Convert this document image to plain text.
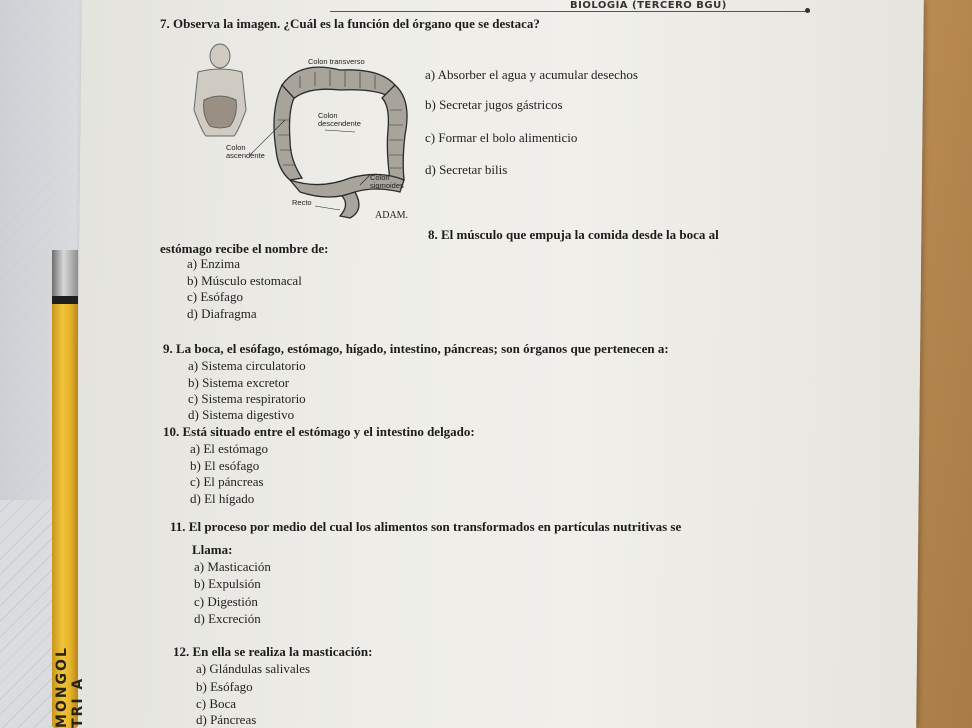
BIOLOGÍA (TERCERO BGU)
7. Observa la imagen. ¿Cuál es la función del órgano que se destaca?
Colon transverso
Colon descendente
Colon ascendente
Colon sigmoides
Recto
ADAM.
a) Absorber el agua y acumular desechos
b) Secretar jugos gástricos
c) Formar el bolo alimenticio
d) Secretar bilis
8. El músculo que empuja la comida desde la boca al
estómago recibe el nombre de:
a) Enzima
b) Músculo estomacal
c) Esófago
d) Diafragma
9. La boca, el esófago, estómago, hígado, intestino, páncreas; son órganos que pertenecen a:
a) Sistema circulatorio
b) Sistema excretor
c) Sistema respiratorio
d) Sistema digestivo
10. Está situado entre el estómago y el intestino delgado:
a) El estómago
b) El esófago
c) El páncreas
d) El hígado
11. El proceso por medio del cual los alimentos son transformados en partículas nutritivas se
Llama:
a) Masticación
b) Expulsión
c) Digestión
d) Excreción
12. En ella se realiza la masticación:
a) Glándulas salivales
b) Esófago
c) Boca
d) Páncreas
MONGOL TRI A
